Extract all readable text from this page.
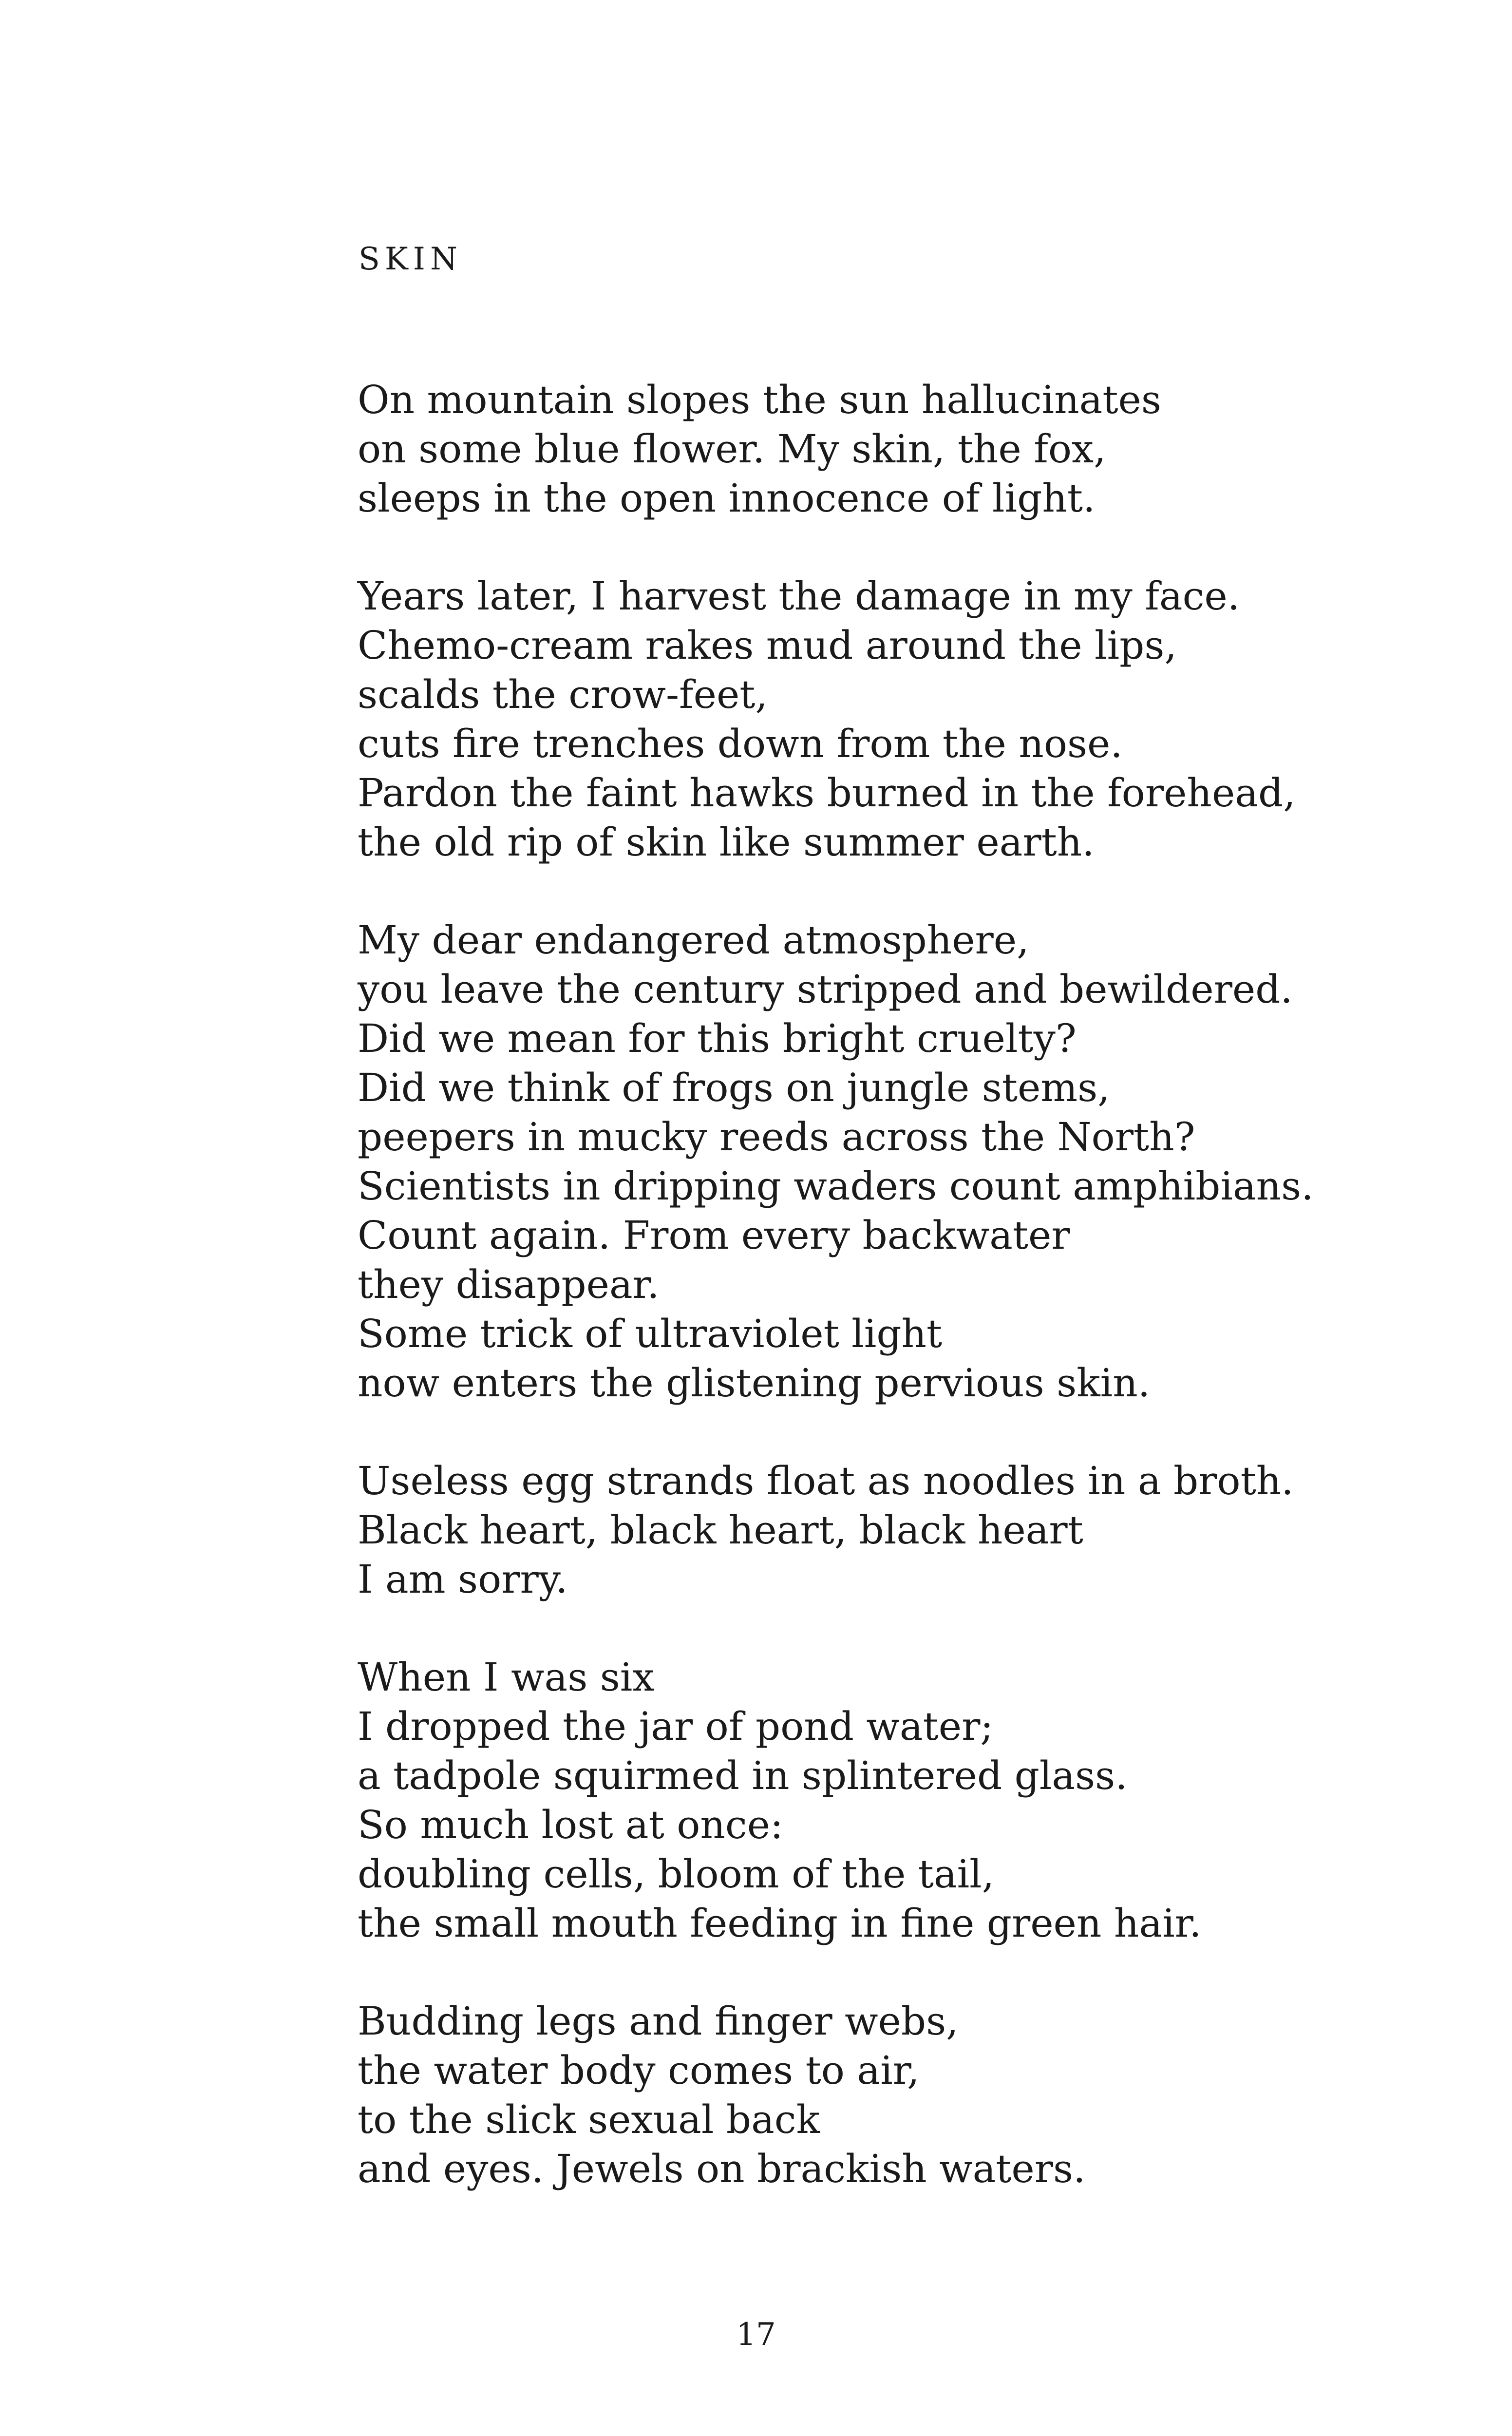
SKIN
On mountain slopes the sun hallucinates
on some blue flower. My skin, the fox,
sleeps in the open innocence of light.
Years later, I harvest the damage in my face.
Chemo-cream rakes mud around the lips,
scalds the crow-feet,
cuts fire trenches down from the nose.
Pardon the faint hawks burned in the forehead,
the old rip of skin like summer earth.
My dear endangered atmosphere,
you leave the century stripped and bewildered.
Did we mean for this bright cruelty?
Did we think of frogs on jungle stems,
peepers in mucky reeds across the North?
Scientists in dripping waders count amphibians.
Count again. From every backwater
they disappear.
Some trick of ultraviolet light
now enters the glistening pervious skin.
Useless egg strands float as noodles in a broth.
Black heart, black heart, black heart
I am sorry.
When I was six
I dropped the jar of pond water;
a tadpole squirmed in splintered glass.
So much lost at once:
doubling cells, bloom of the tail,
the small mouth feeding in fine green hair.
Budding legs and finger webs,
the water body comes to air,
to the slick sexual back
and eyes. Jewels on brackish waters.
17
